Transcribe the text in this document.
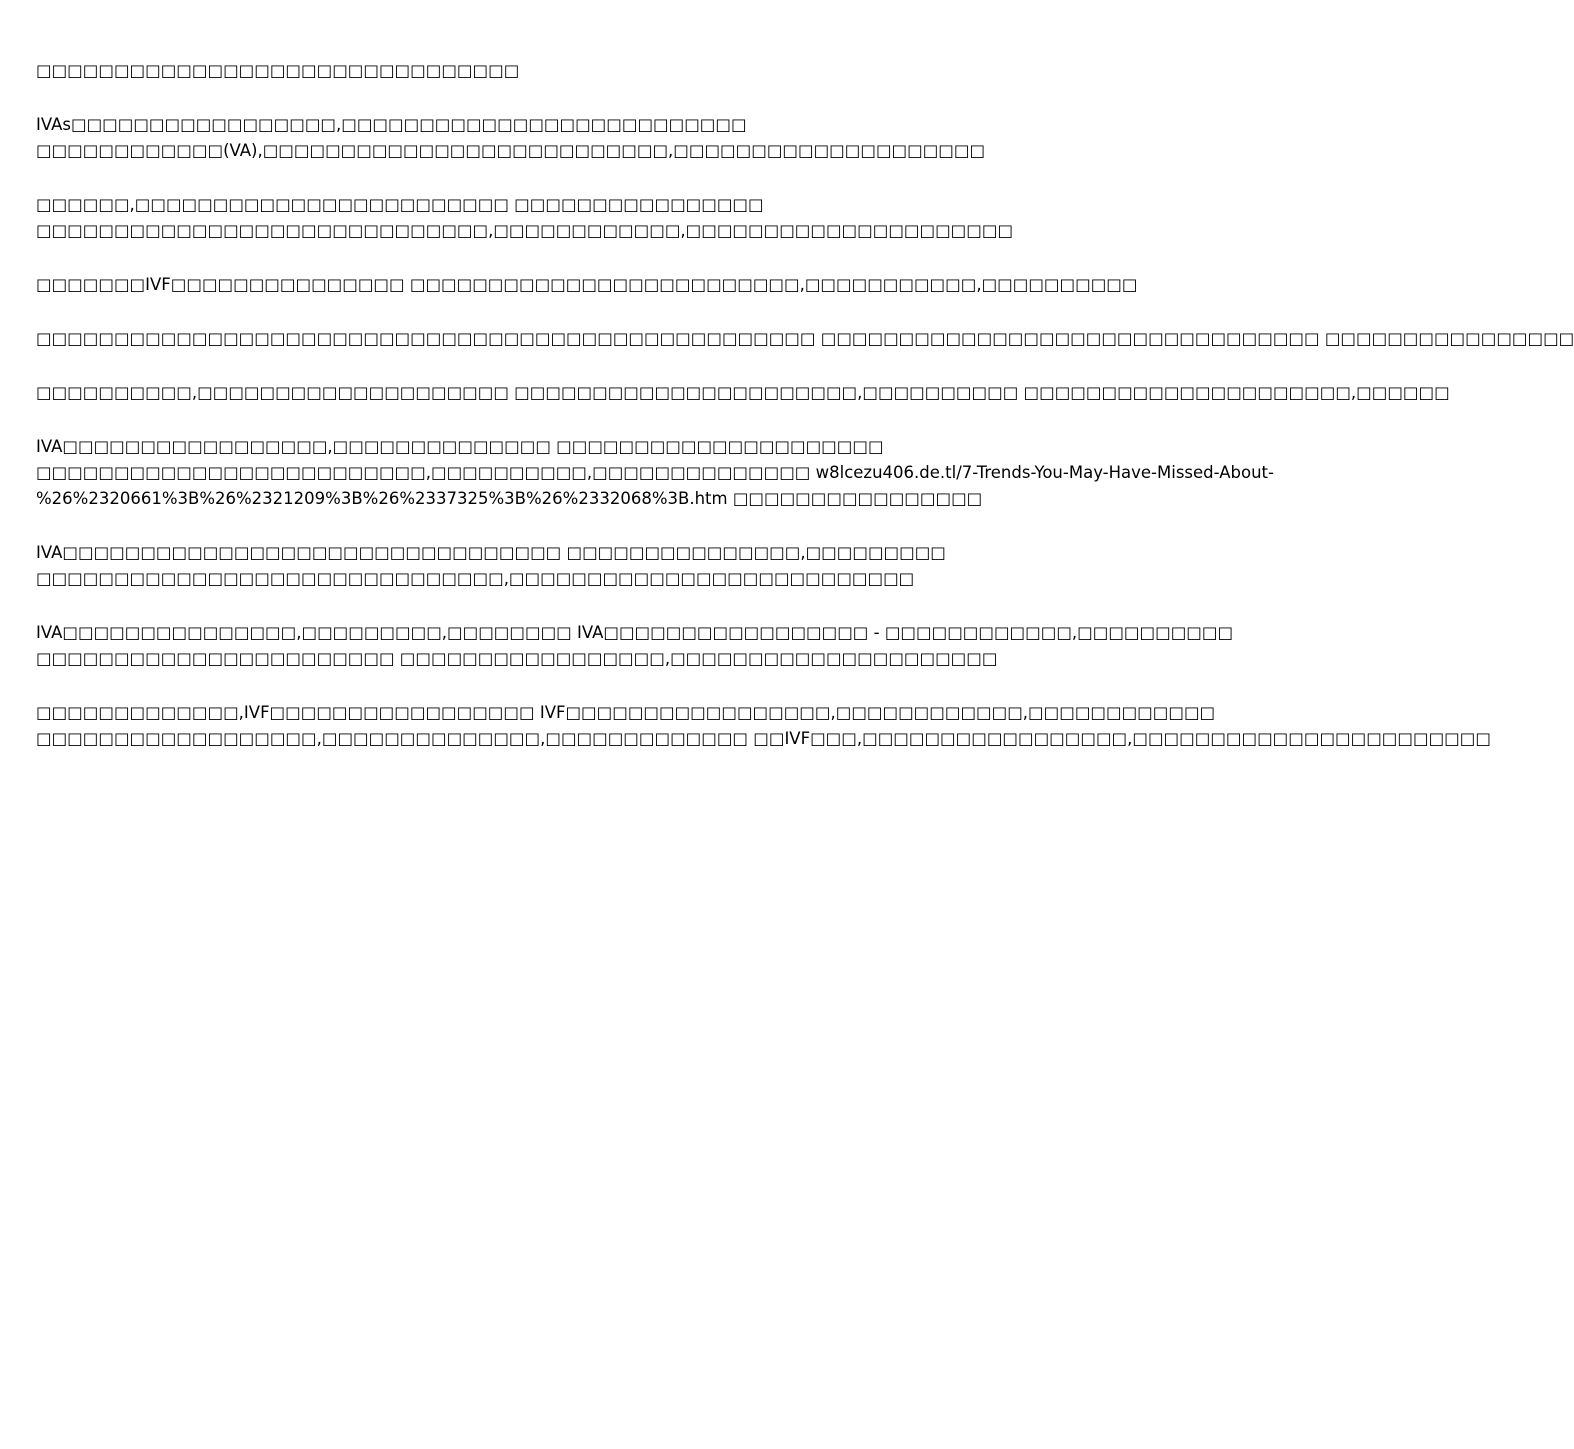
□□□□□□□□□□□□□□□□□□□□□□□□□□□□□□□

IVAs□□□□□□□□□□□□□□□□□,□□□□□□□□□□□□□□□□□□□□□□□□□□
□□□□□□□□□□□□(VA),□□□□□□□□□□□□□□□□□□□□□□□□□□,□□□□□□□□□□□□□□□□□□□□

□□□□□□,□□□□□□□□□□□□□□□□□□□□□□□□ □□□□□□□□□□□□□□□□
□□□□□□□□□□□□□□□□□□□□□□□□□□□□□,□□□□□□□□□□□□,□□□□□□□□□□□□□□□□□□□□□

□□□□□□□IVF□□□□□□□□□□□□□□□ □□□□□□□□□□□□□□□□□□□□□□□□□,□□□□□□□□□□□,□□□□□□□□□□

□□□□□□□□□□□□□□□□□□□□□□□□□□□□□□□□□□□□□□□□□□□□□□□□□□ □□□□□□□□□□□□□□□□□□□□□□□□□□□□□□□□ □□□□□□□□□□□□□□□□

□□□□□□□□□□,□□□□□□□□□□□□□□□□□□□□ □□□□□□□□□□□□□□□□□□□□□□,□□□□□□□□□□ □□□□□□□□□□□□□□□□□□□□□,□□□□□□

IVA□□□□□□□□□□□□□□□□□,□□□□□□□□□□□□□□ □□□□□□□□□□□□□□□□□□□□□
□□□□□□□□□□□□□□□□□□□□□□□□□,□□□□□□□□□□,□□□□□□□□□□□□□□ w8lcezu406.de.tl/7-Trends-You-May-Have-Missed-About-
%26%2320661%3B%26%2321209%3B%26%2337325%3B%26%2332068%3B.htm □□□□□□□□□□□□□□□□

IVA□□□□□□□□□□□□□□□□□□□□□□□□□□□□□□□□ □□□□□□□□□□□□□□□,□□□□□□□□□
□□□□□□□□□□□□□□□□□□□□□□□□□□□□□□,□□□□□□□□□□□□□□□□□□□□□□□□□□

IVA□□□□□□□□□□□□□□□,□□□□□□□□□,□□□□□□□□ IVA□□□□□□□□□□□□□□□□□ - □□□□□□□□□□□□,□□□□□□□□□□
□□□□□□□□□□□□□□□□□□□□□□□ □□□□□□□□□□□□□□□□□,□□□□□□□□□□□□□□□□□□□□□

□□□□□□□□□□□□□,IVF□□□□□□□□□□□□□□□□□ IVF□□□□□□□□□□□□□□□□□,□□□□□□□□□□□□,□□□□□□□□□□□□
□□□□□□□□□□□□□□□□□□,□□□□□□□□□□□□□□,□□□□□□□□□□□□□ □□IVF□□□,□□□□□□□□□□□□□□□□□,□□□□□□□□□□□□□□□□□□□□□□□
